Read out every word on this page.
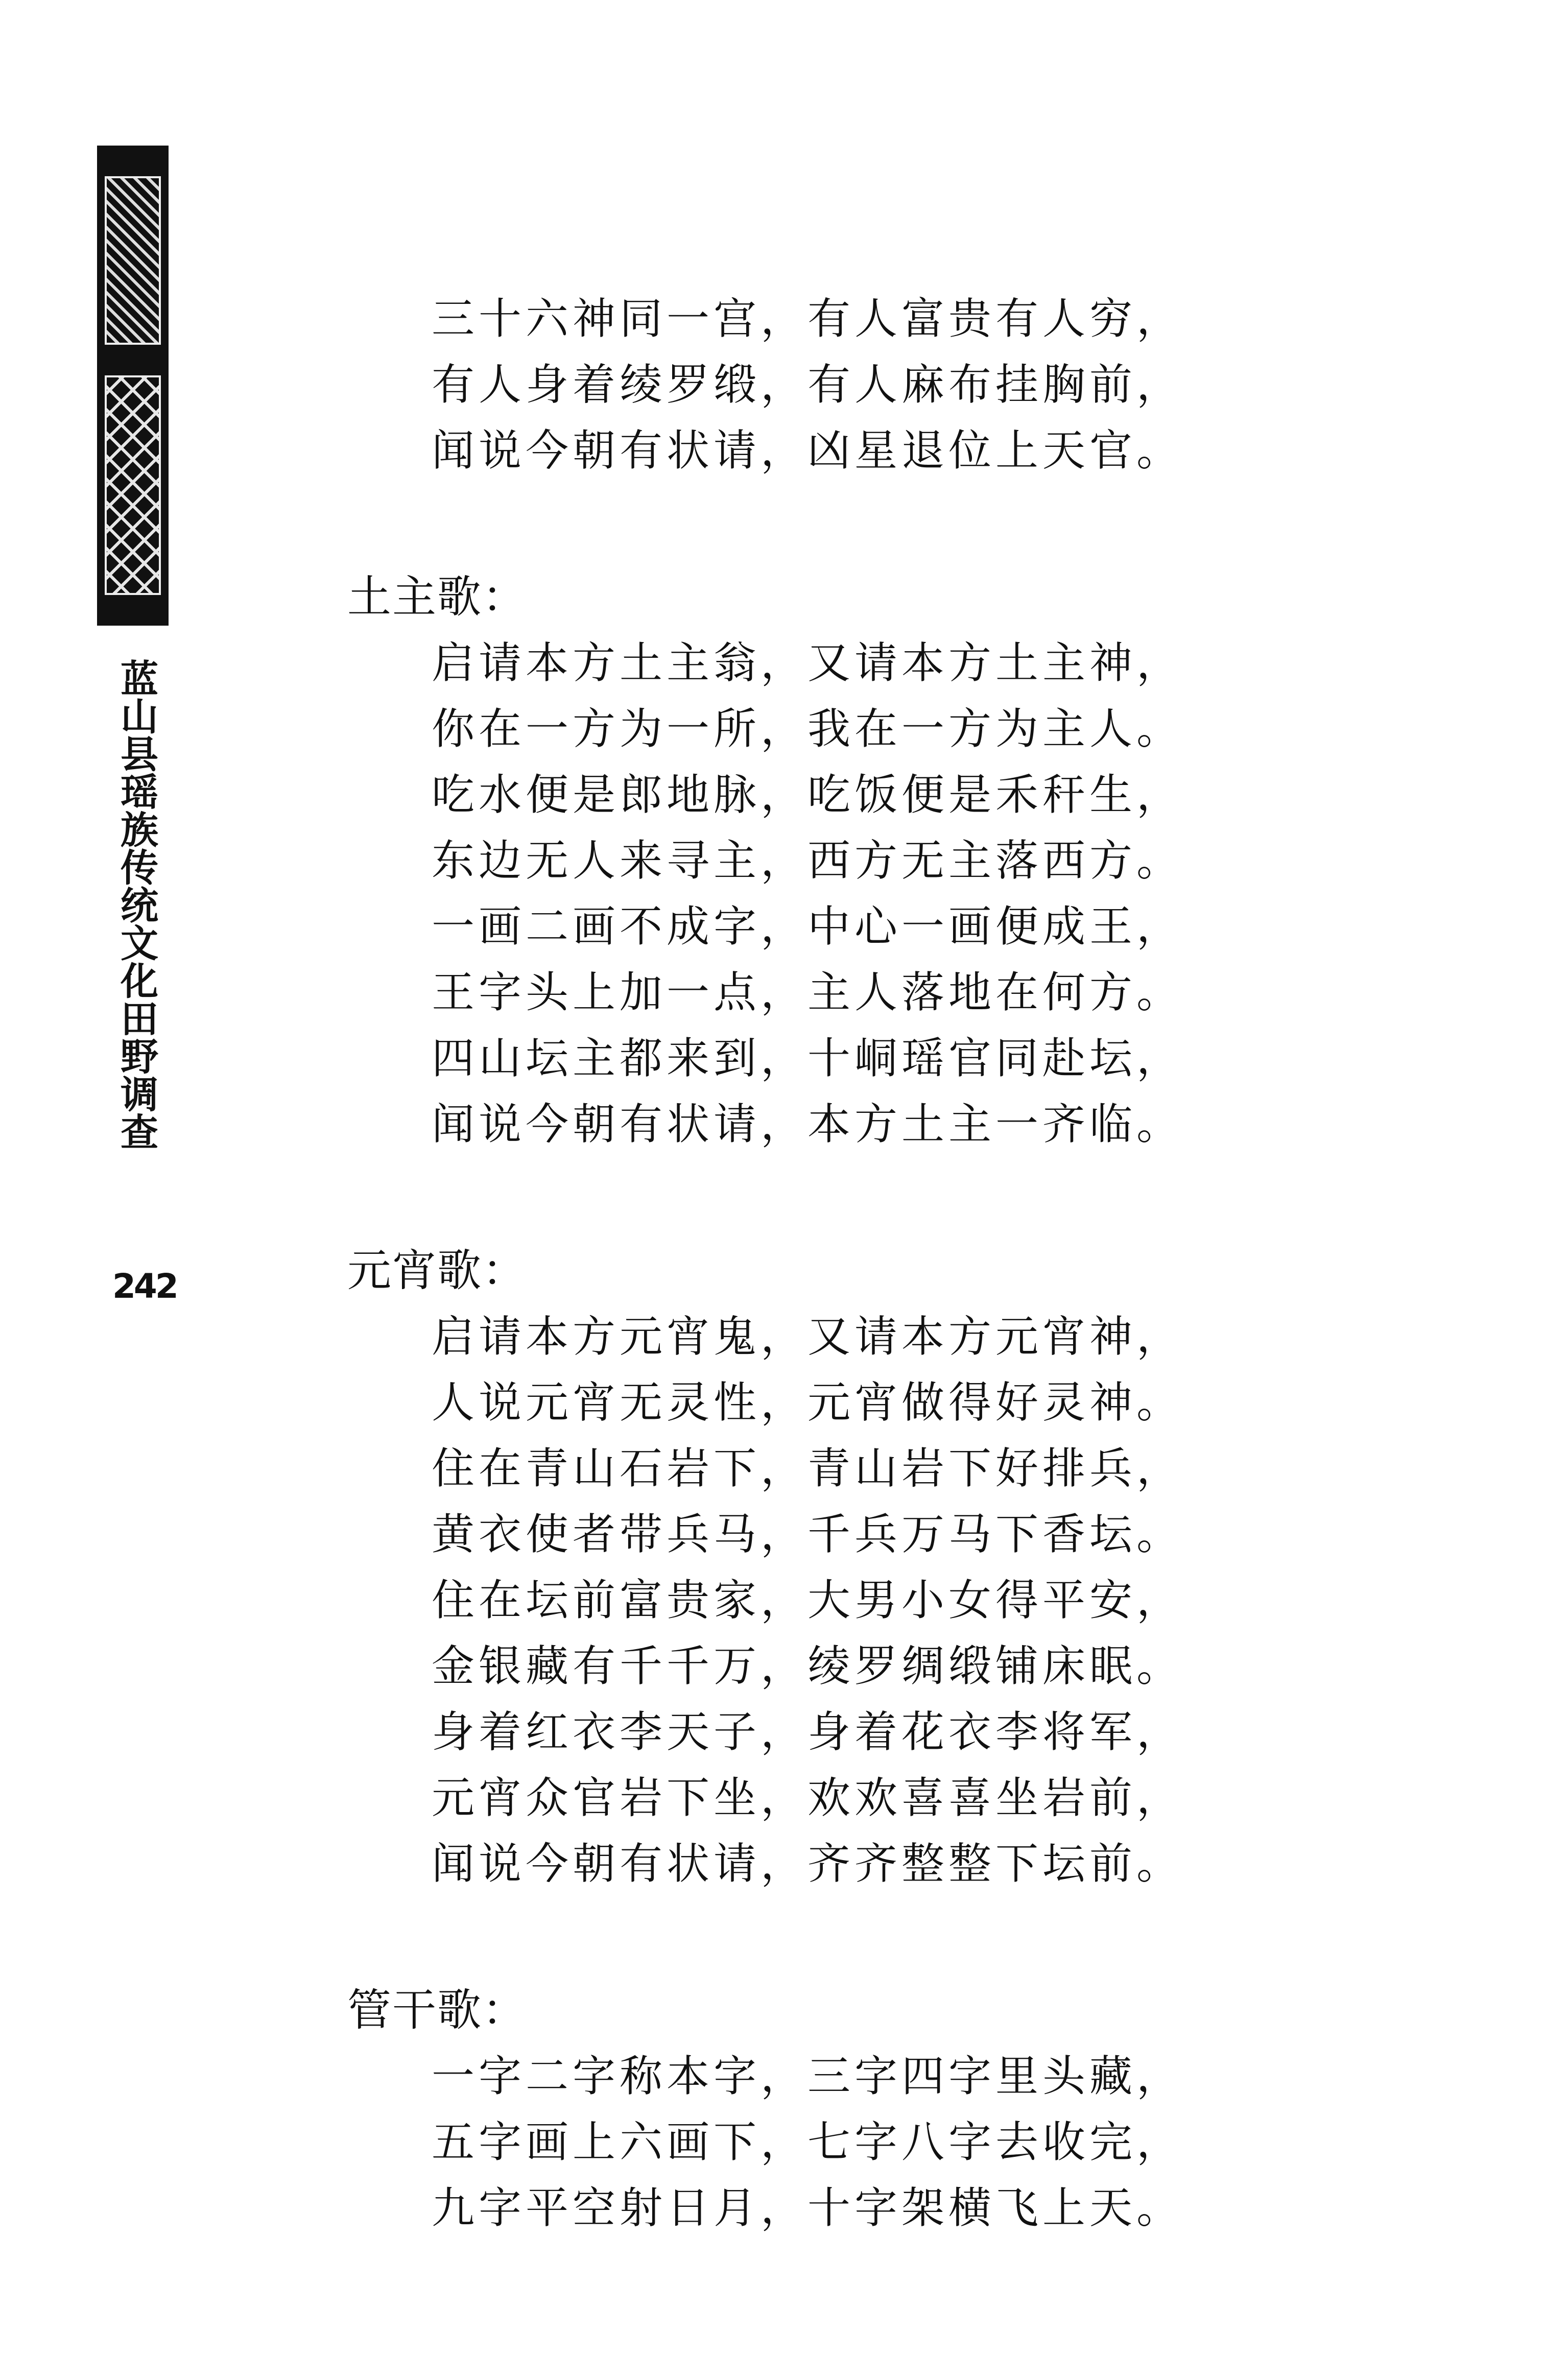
蓝山县瑶族传统文化田野调查
242
三十六神同一宫，有人富贵有人穷，
有人身着绫罗缎，有人麻布挂胸前，
闻说今朝有状请，凶星退位上天官。
土主歌：
启请本方土主翁，又请本方土主神，
你在一方为一所，我在一方为主人。
吃水便是郎地脉，吃饭便是禾秆生，
东边无人来寻主，西方无主落西方。
一画二画不成字，中心一画便成王，
王字头上加一点，主人落地在何方。
四山坛主都来到，十峒瑶官同赴坛，
闻说今朝有状请，本方土主一齐临。
元宵歌：
启请本方元宵鬼，又请本方元宵神，
人说元宵无灵性，元宵做得好灵神。
住在青山石岩下，青山岩下好排兵，
黄衣使者带兵马，千兵万马下香坛。
住在坛前富贵家，大男小女得平安，
金银藏有千千万，绫罗绸缎铺床眠。
身着红衣李天子，身着花衣李将军，
元宵众官岩下坐，欢欢喜喜坐岩前，
闻说今朝有状请，齐齐整整下坛前。
管干歌：
一字二字称本字，三字四字里头藏，
五字画上六画下，七字八字去收完，
九字平空射日月，十字架横飞上天。
